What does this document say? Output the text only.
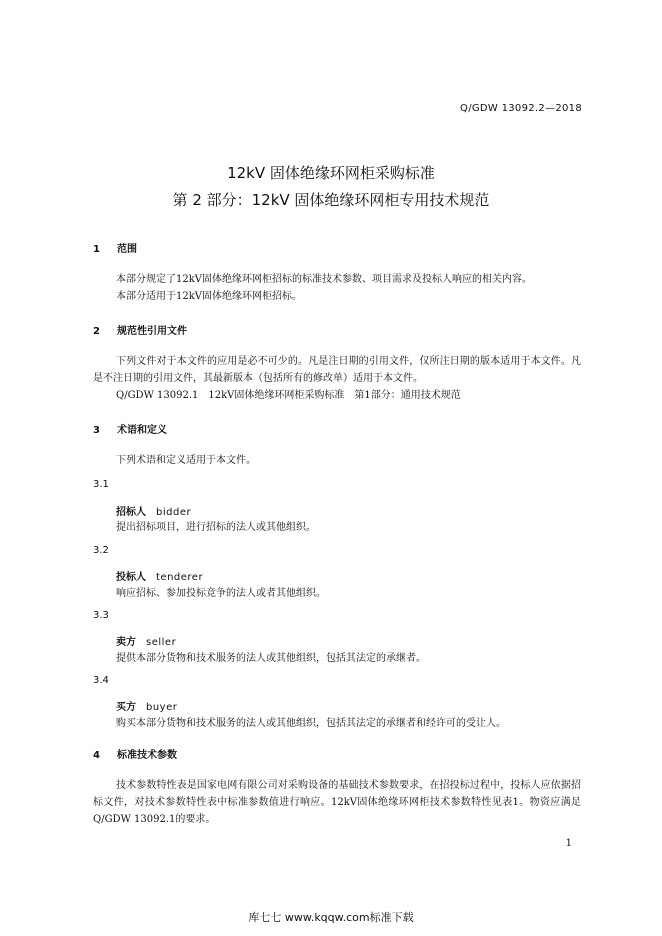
Q/GDW 13092.2—2018
12kV 固体绝缘环网柜采购标准
第 2 部分：12kV 固体绝缘环网柜专用技术规范
1 范围
本部分规定了12kV固体绝缘环网柜招标的标准技术参数、项目需求及投标人响应的相关内容。
本部分适用于12kV固体绝缘环网柜招标。
2 规范性引用文件
下列文件对于本文件的应用是必不可少的。凡是注日期的引用文件，仅所注日期的版本适用于本文件。凡是不注日期的引用文件，其最新版本（包括所有的修改单）适用于本文件。
Q/GDW 13092.1　12kV固体绝缘环网柜采购标准　第1部分：通用技术规范
3 术语和定义
下列术语和定义适用于本文件。
3.1
招标人 bidder
提出招标项目，进行招标的法人或其他组织。
3.2
投标人 tenderer
响应招标、参加投标竞争的法人或者其他组织。
3.3
卖方 seller
提供本部分货物和技术服务的法人或其他组织，包括其法定的承继者。
3.4
买方 buyer
购买本部分货物和技术服务的法人或其他组织，包括其法定的承继者和经许可的受让人。
4 标准技术参数
技术参数特性表是国家电网有限公司对采购设备的基础技术参数要求，在招投标过程中，投标人应依据招标文件，对技术参数特性表中标准参数值进行响应。12kV固体绝缘环网柜技术参数特性见表1。物资应满足Q/GDW 13092.1的要求。
1
库七七 www.kqqw.com标准下载
